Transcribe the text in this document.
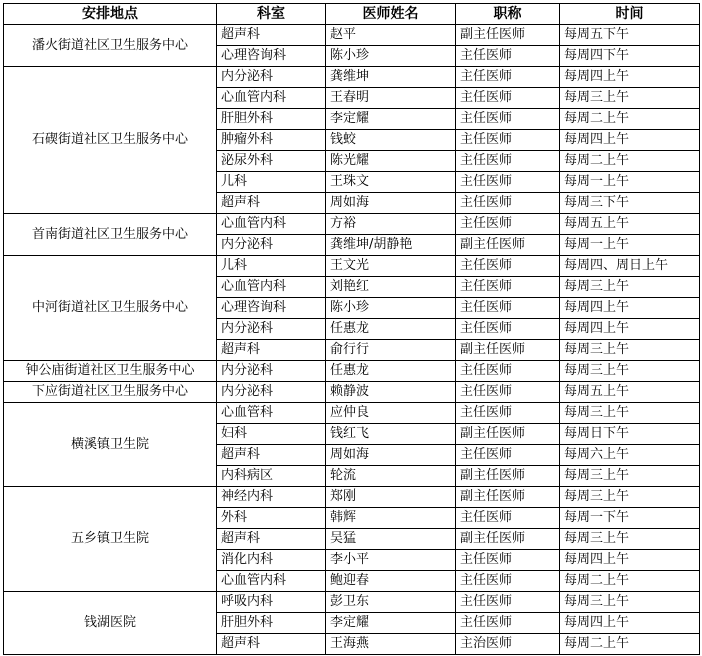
安排地点	科室	医师姓名	职称	时间
潘火街道社区卫生服务中心	超声科	赵平	副主任医师	每周五下午
	心理咨询科	陈小珍	主任医师	每周四下午
石碶街道社区卫生服务中心	内分泌科	龚维坤	主任医师	每周四上午
	心血管内科	王春明	主任医师	每周三上午
	肝胆外科	李定耀	主任医师	每周二上午
	肿瘤外科	钱蛟	主任医师	每周四上午
	泌尿外科	陈光耀	主任医师	每周二上午
	儿科	王珠文	主任医师	每周一上午
	超声科	周如海	主任医师	每周三下午
首南街道社区卫生服务中心	心血管内科	方裕	主任医师	每周五上午
	内分泌科	龚维坤/胡静艳	副主任医师	每周一上午
中河街道社区卫生服务中心	儿科	王文光	主任医师	每周四、周日上午
	心血管内科	刘艳红	主任医师	每周三上午
	心理咨询科	陈小珍	主任医师	每周四上午
	内分泌科	任惠龙	主任医师	每周四上午
	超声科	俞行行	副主任医师	每周三上午
钟公庙街道社区卫生服务中心	内分泌科	任惠龙	主任医师	每周三上午
下应街道社区卫生服务中心	内分泌科	赖静波	主任医师	每周五上午
横溪镇卫生院	心血管科	应仲良	主任医师	每周三上午
	妇科	钱红飞	副主任医师	每周日下午
	超声科	周如海	主任医师	每周六上午
	内科病区	轮流	副主任医师	每周三上午
五乡镇卫生院	神经内科	郑刚	副主任医师	每周三上午
	外科	韩辉	主任医师	每周一下午
	超声科	吴猛	副主任医师	每周三上午
	消化内科	李小平	主任医师	每周四上午
	心血管内科	鲍迎春	主任医师	每周二上午
钱湖医院	呼吸内科	彭卫东	主任医师	每周三上午
	肝胆外科	李定耀	主任医师	每周四上午
	超声科	王海燕	主治医师	每周二上午
